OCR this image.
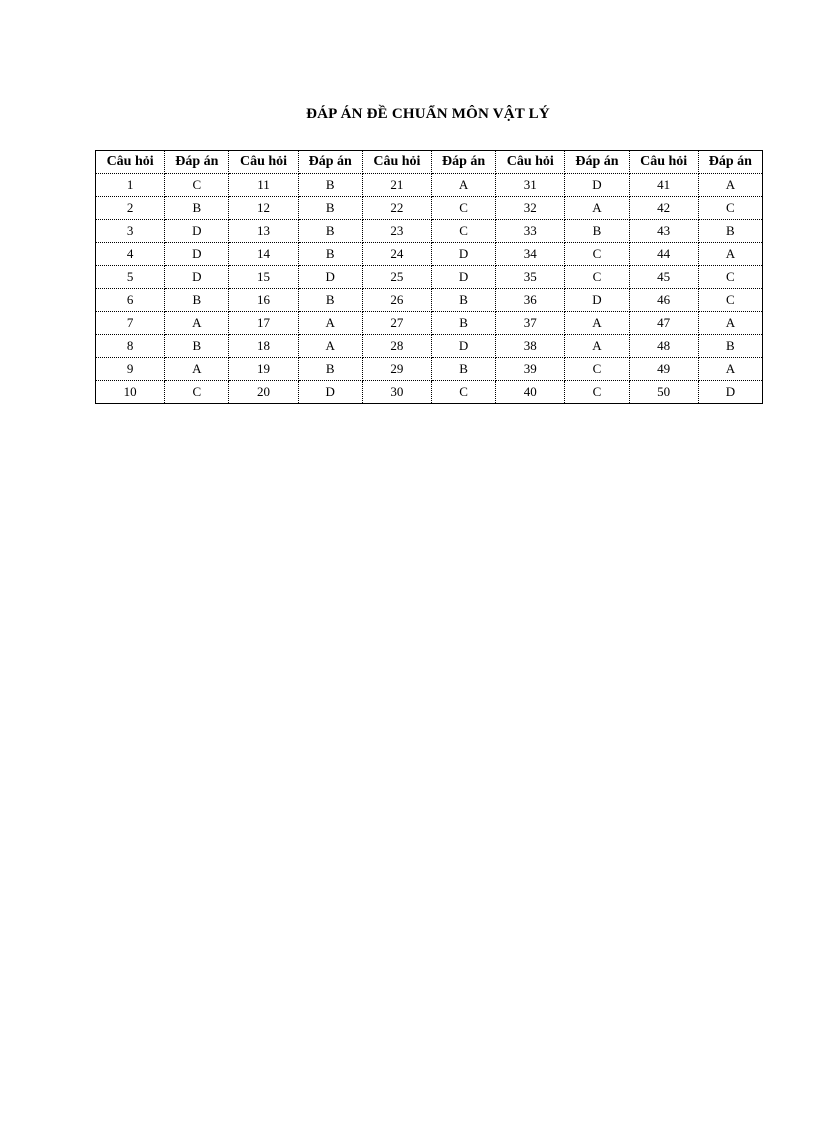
ĐÁP ÁN ĐỀ CHUẨN MÔN VẬT LÝ
Câu hỏi	Đáp án	Câu hỏi	Đáp án	Câu hỏi	Đáp án	Câu hỏi	Đáp án	Câu hỏi	Đáp án
1	C	11	B	21	A	31	D	41	A
2	B	12	B	22	C	32	A	42	C
3	D	13	B	23	C	33	B	43	B
4	D	14	B	24	D	34	C	44	A
5	D	15	D	25	D	35	C	45	C
6	B	16	B	26	B	36	D	46	C
7	A	17	A	27	B	37	A	47	A
8	B	18	A	28	D	38	A	48	B
9	A	19	B	29	B	39	C	49	A
10	C	20	D	30	C	40	C	50	D
